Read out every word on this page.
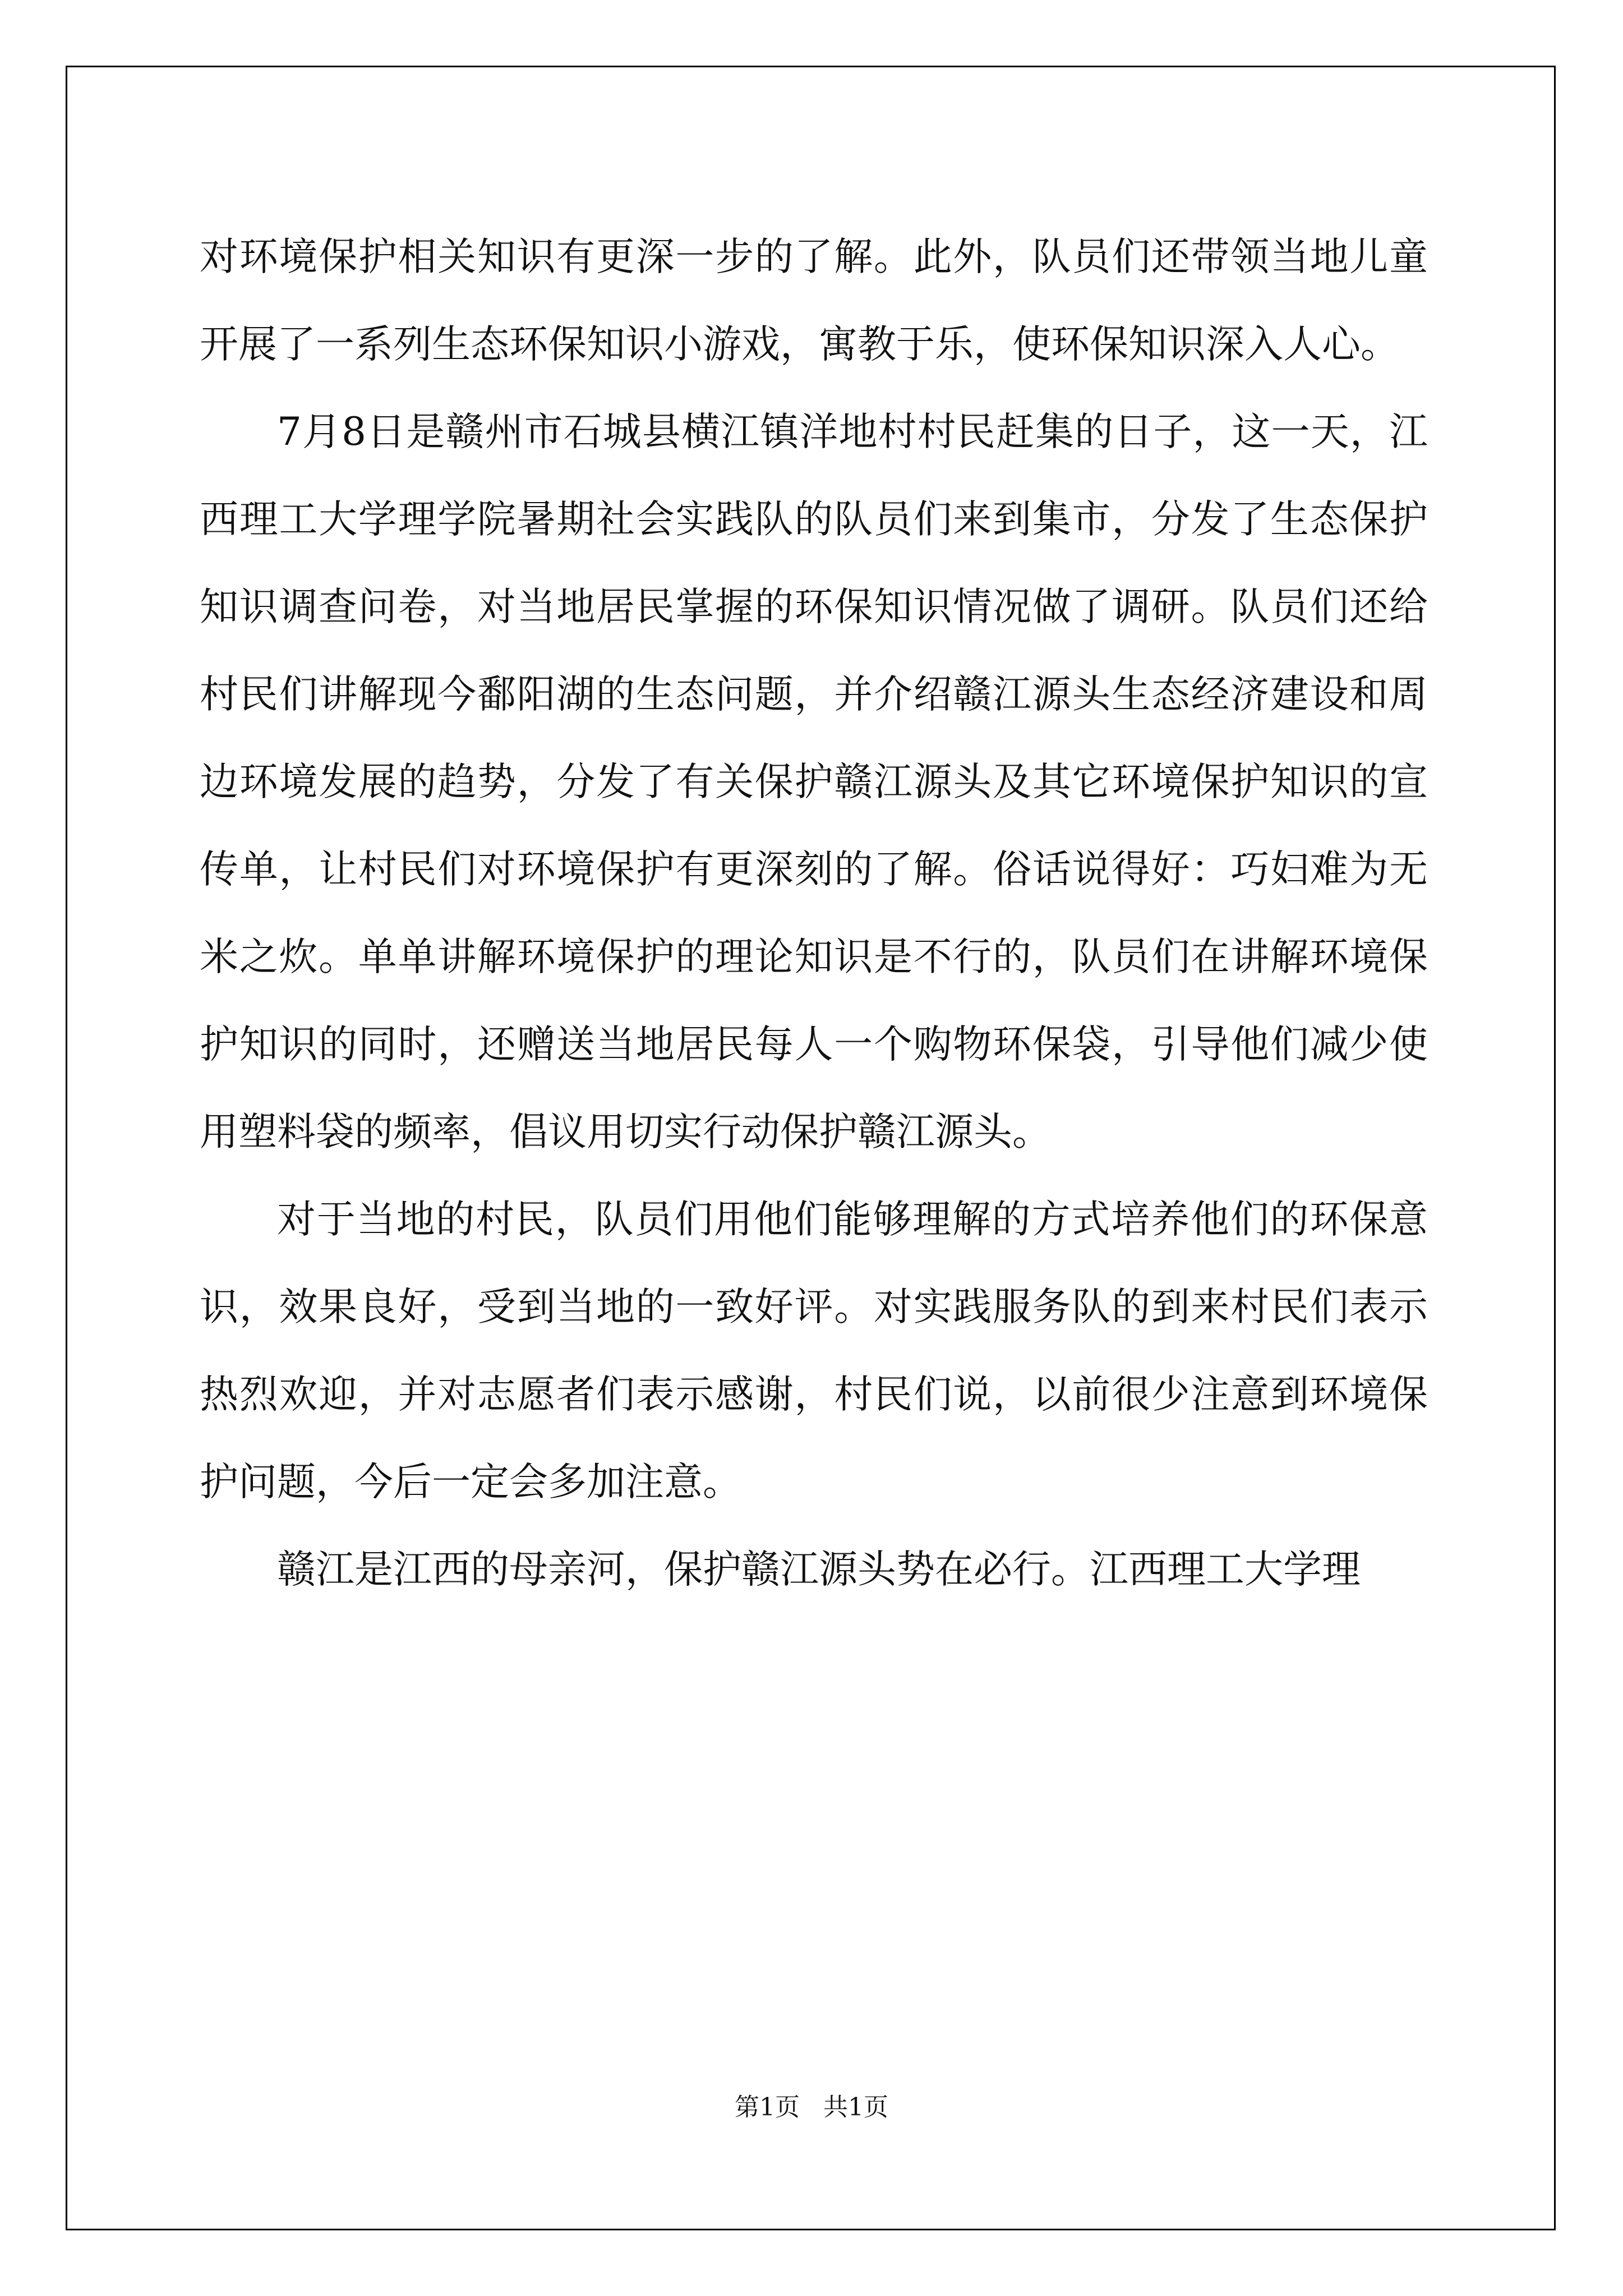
对环境保护相关知识有更深一步的了解。此外，队员们还带领当地儿童开展了一系列生态环保知识小游戏，寓教于乐，使环保知识深入人心。

7月8日是赣州市石城县横江镇洋地村村民赶集的日子，这一天，江西理工大学理学院暑期社会实践队的队员们来到集市，分发了生态保护知识调查问卷，对当地居民掌握的环保知识情况做了调研。队员们还给村民们讲解现今鄱阳湖的生态问题，并介绍赣江源头生态经济建设和周边环境发展的趋势，分发了有关保护赣江源头及其它环境保护知识的宣传单，让村民们对环境保护有更深刻的了解。俗话说得好：巧妇难为无米之炊。单单讲解环境保护的理论知识是不行的，队员们在讲解环境保护知识的同时，还赠送当地居民每人一个购物环保袋，引导他们减少使用塑料袋的频率，倡议用切实行动保护赣江源头。

对于当地的村民，队员们用他们能够理解的方式培养他们的环保意识，效果良好，受到当地的一致好评。对实践服务队的到来村民们表示热烈欢迎，并对志愿者们表示感谢，村民们说，以前很少注意到环境保护问题，今后一定会多加注意。

赣江是江西的母亲河，保护赣江源头势在必行。江西理工大学理

第1页   共1页
